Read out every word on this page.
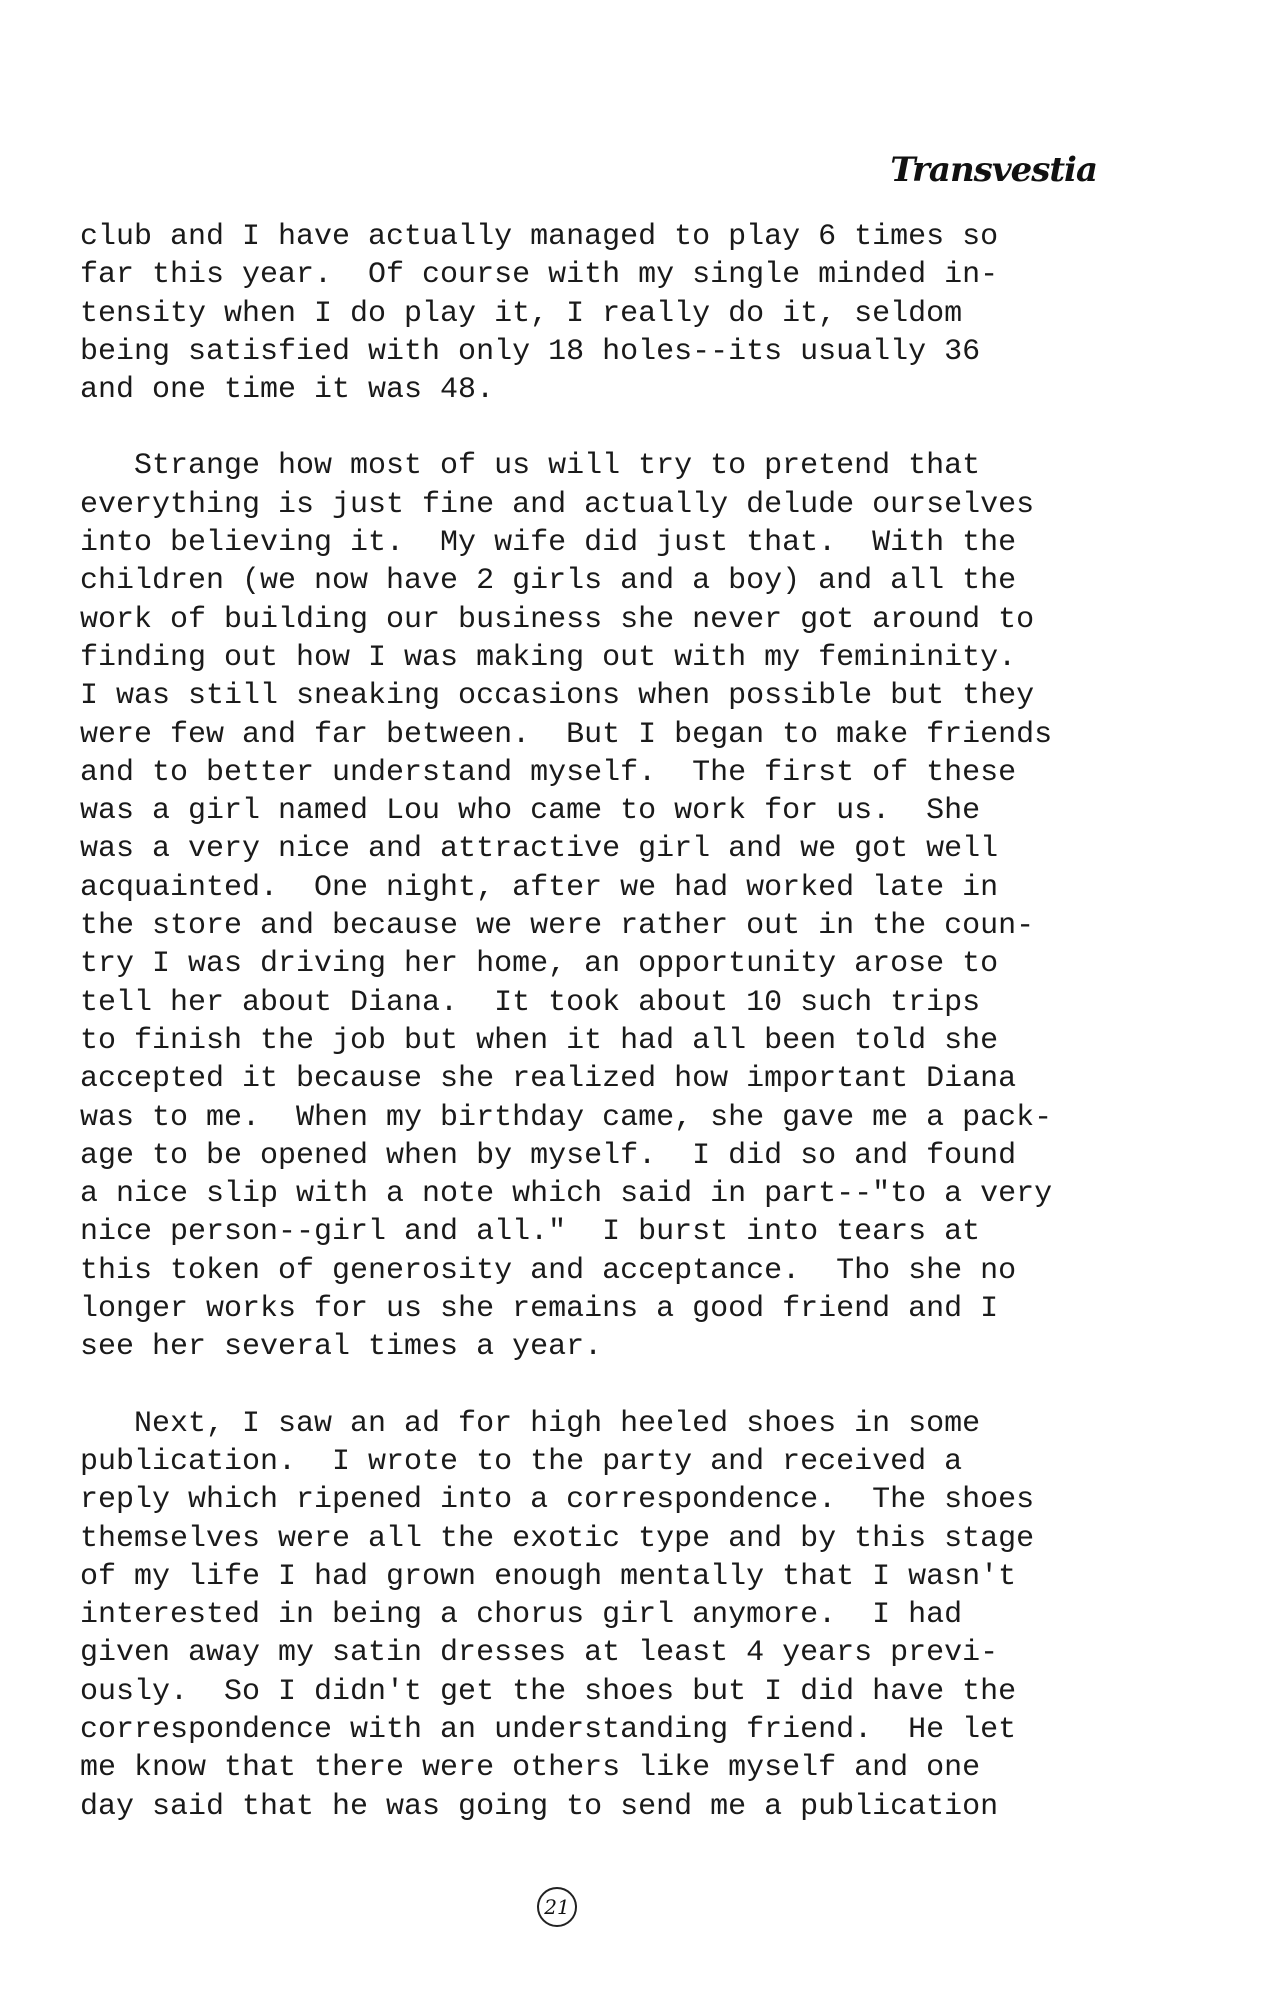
Transvestia
club and I have actually managed to play 6 times so
far this year.  Of course with my single minded in-
tensity when I do play it, I really do it, seldom
being satisfied with only 18 holes--its usually 36
and one time it was 48.
Strange how most of us will try to pretend that
everything is just fine and actually delude ourselves
into believing it.  My wife did just that.  With the
children (we now have 2 girls and a boy) and all the
work of building our business she never got around to
finding out how I was making out with my femininity.
I was still sneaking occasions when possible but they
were few and far between.  But I began to make friends
and to better understand myself.  The first of these
was a girl named Lou who came to work for us.  She
was a very nice and attractive girl and we got well
acquainted.  One night, after we had worked late in
the store and because we were rather out in the coun-
try I was driving her home, an opportunity arose to
tell her about Diana.  It took about 10 such trips
to finish the job but when it had all been told she
accepted it because she realized how important Diana
was to me.  When my birthday came, she gave me a pack-
age to be opened when by myself.  I did so and found
a nice slip with a note which said in part--"to a very
nice person--girl and all."  I burst into tears at
this token of generosity and acceptance.  Tho she no
longer works for us she remains a good friend and I
see her several times a year.
Next, I saw an ad for high heeled shoes in some
publication.  I wrote to the party and received a
reply which ripened into a correspondence.  The shoes
themselves were all the exotic type and by this stage
of my life I had grown enough mentally that I wasn't
interested in being a chorus girl anymore.  I had
given away my satin dresses at least 4 years previ-
ously.  So I didn't get the shoes but I did have the
correspondence with an understanding friend.  He let
me know that there were others like myself and one
day said that he was going to send me a publication
21
